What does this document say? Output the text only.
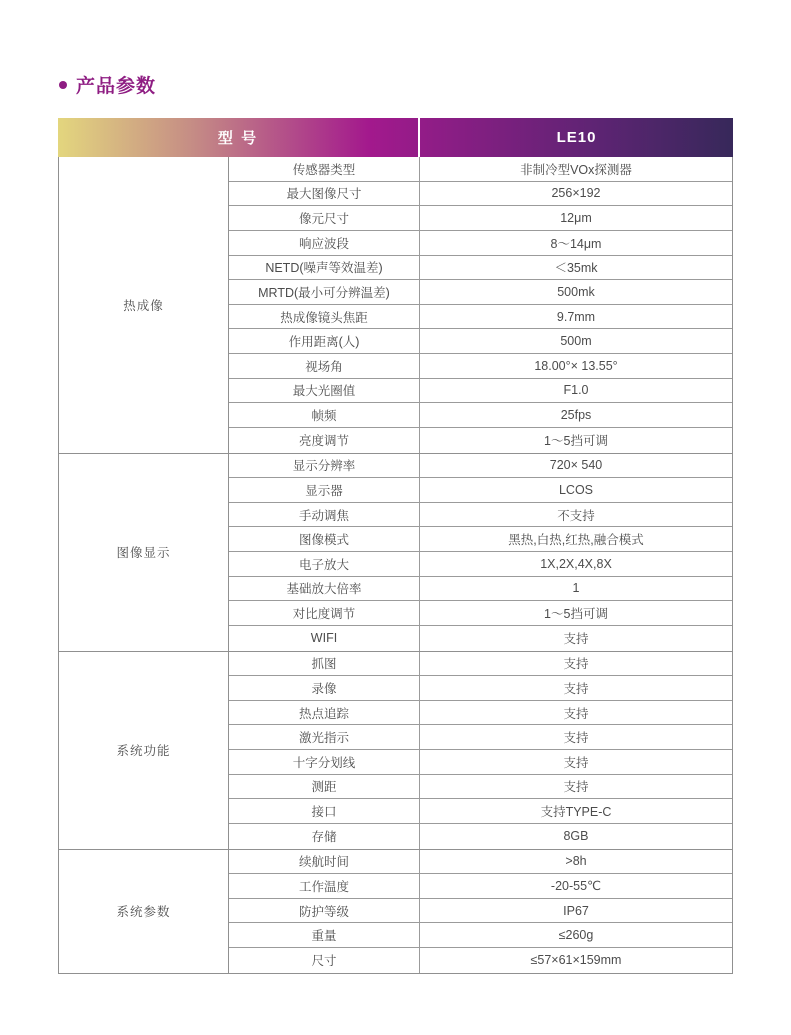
产品参数
型 号	LE10
热成像
传感器类型	非制冷型VOx探测器
最大图像尺寸	256×192
像元尺寸	12μm
响应波段	8～14μm
NETD(噪声等效温差)	＜35mk
MRTD(最小可分辨温差)	500mk
热成像镜头焦距	9.7mm
作用距离(人)	500m
视场角	18.00°× 13.55°
最大光圈值	F1.0
帧频	25fps
亮度调节	1～5挡可调
图像显示
显示分辨率	720× 540
显示器	LCOS
手动调焦	不支持
图像模式	黑热,白热,红热,融合模式
电子放大	1X,2X,4X,8X
基础放大倍率	1
对比度调节	1～5挡可调
WIFI	支持
系统功能
抓图	支持
录像	支持
热点追踪	支持
激光指示	支持
十字分划线	支持
测距	支持
接口	支持TYPE-C
存储	8GB
系统参数
续航时间	>8h
工作温度	-20-55℃
防护等级	IP67
重量	≤260g
尺寸	≤57×61×159mm
